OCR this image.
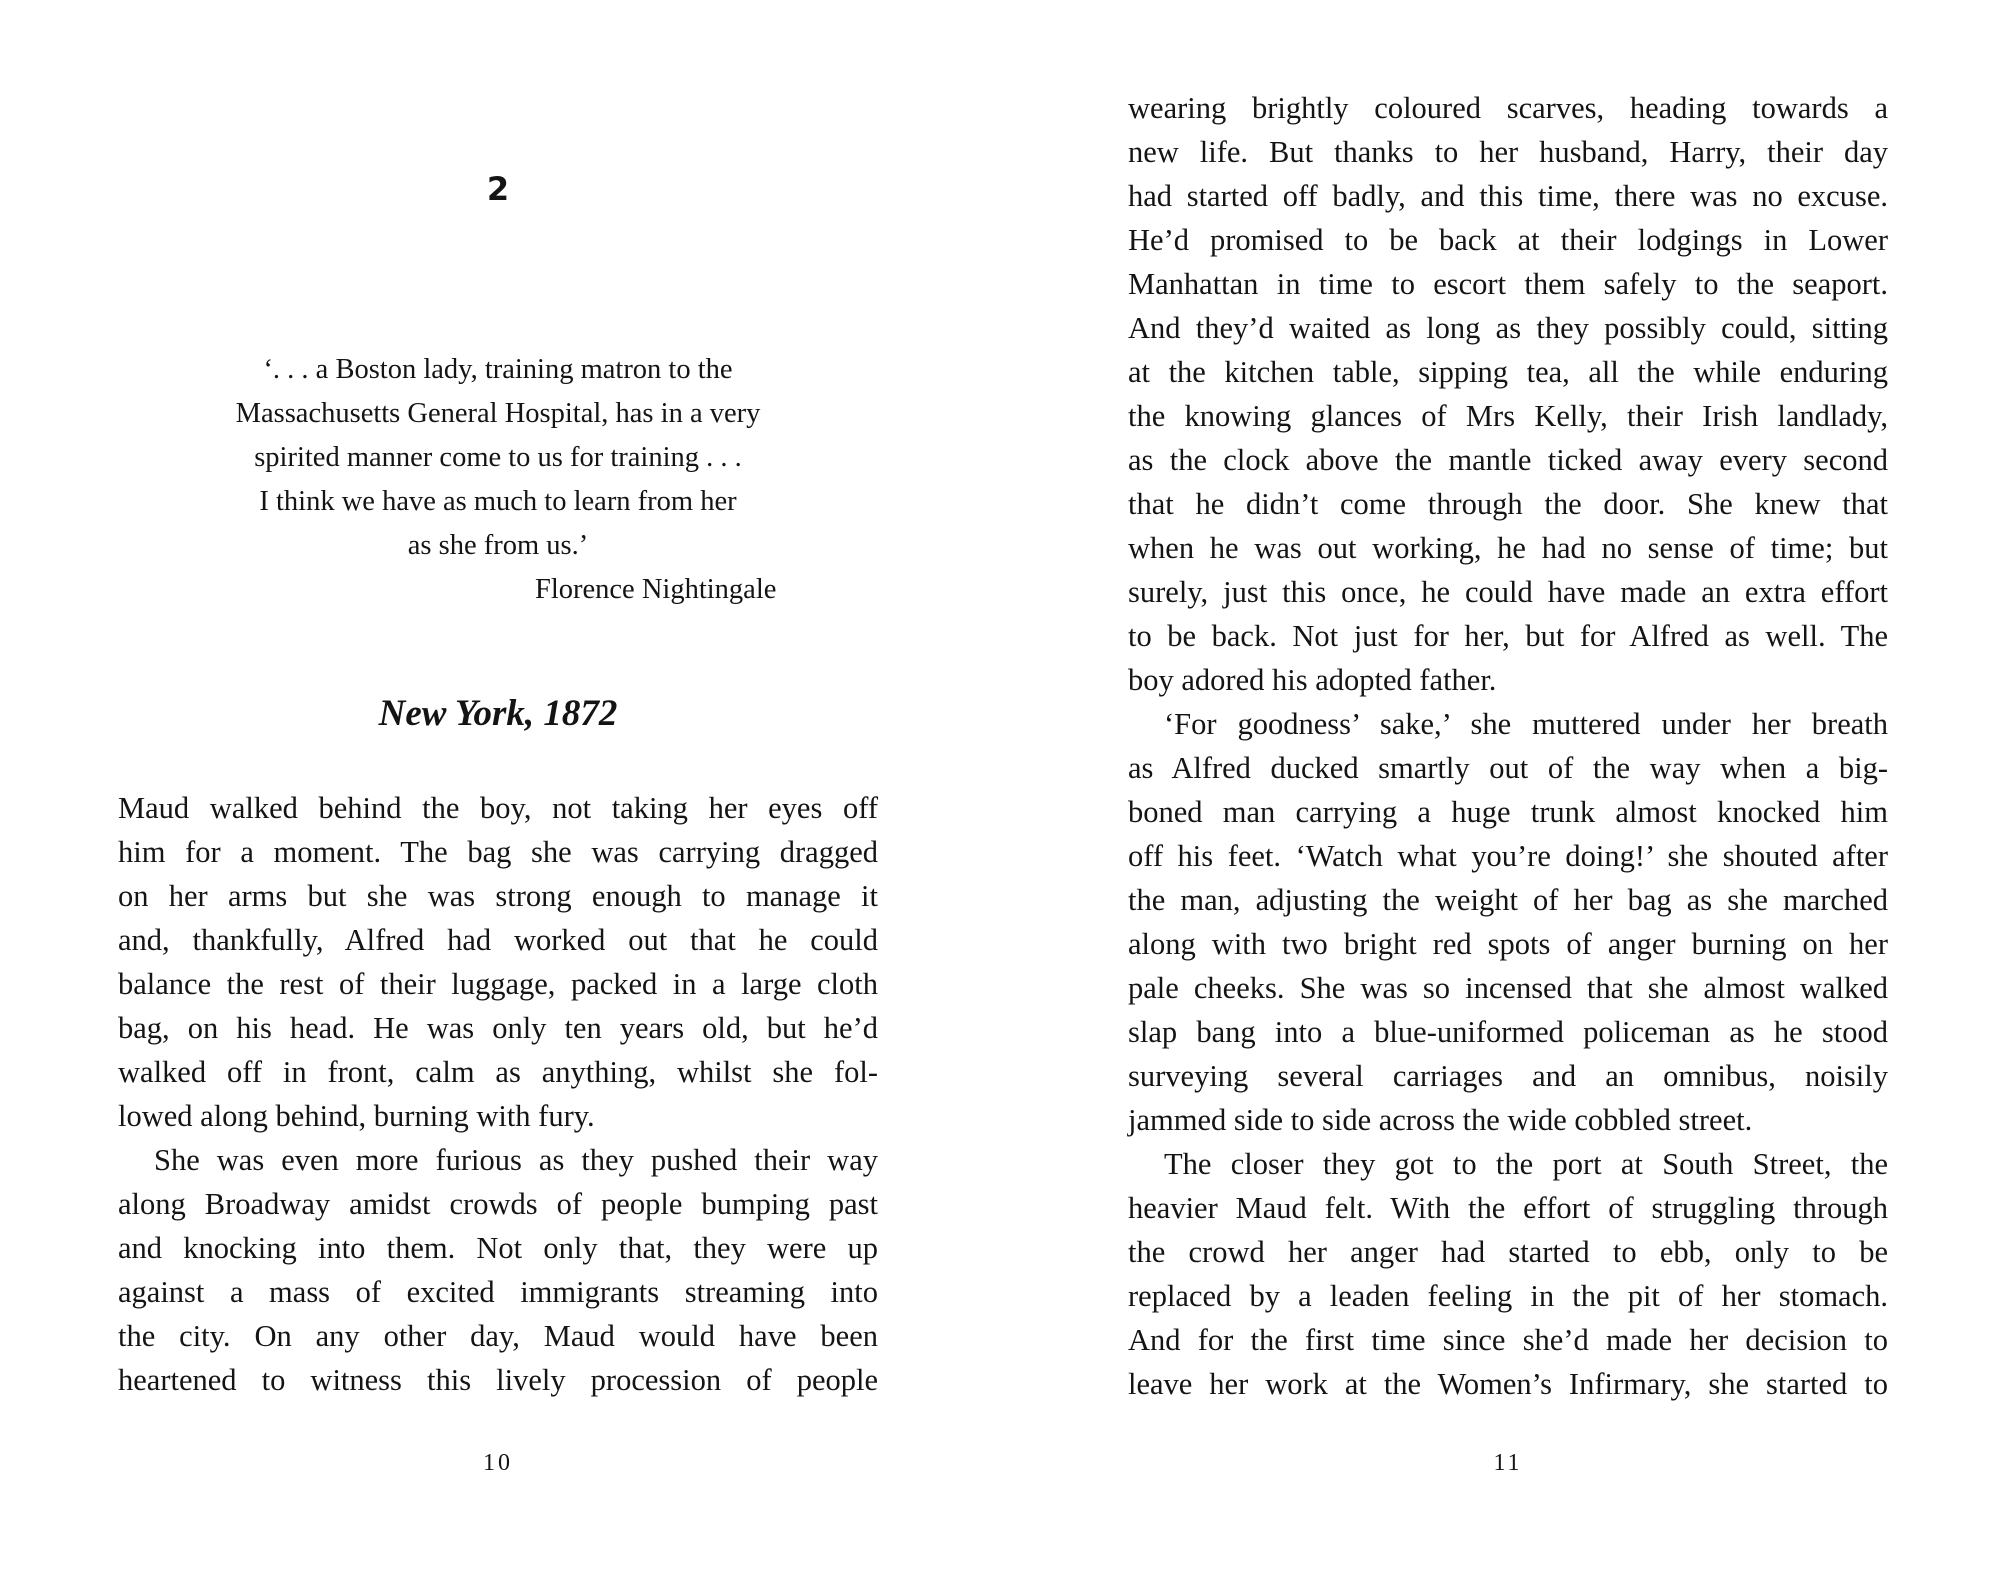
2
‘. . . a Boston lady, training matron to the
Massachusetts General Hospital, has in a very
spirited manner come to us for training . . .
I think we have as much to learn from her
as she from us.’
Florence Nightingale
New York, 1872
Maud walked behind the boy, not taking her eyes off
him for a moment. The bag she was carrying dragged
on her arms but she was strong enough to manage it
and, thankfully, Alfred had worked out that he could
balance the rest of their luggage, packed in a large cloth
bag, on his head. He was only ten years old, but he’d
walked off in front, calm as anything, whilst she fol-
lowed along behind, burning with fury.
She was even more furious as they pushed their way
along Broadway amidst crowds of people bumping past
and knocking into them. Not only that, they were up
against a mass of excited immigrants streaming into
the city. On any other day, Maud would have been
heartened to witness this lively procession of people
10
wearing brightly coloured scarves, heading towards a
new life. But thanks to her husband, Harry, their day
had started off badly, and this time, there was no excuse.
He’d promised to be back at their lodgings in Lower
Manhattan in time to escort them safely to the seaport.
And they’d waited as long as they possibly could, sitting
at the kitchen table, sipping tea, all the while enduring
the knowing glances of Mrs Kelly, their Irish landlady,
as the clock above the mantle ticked away every second
that he didn’t come through the door. She knew that
when he was out working, he had no sense of time; but
surely, just this once, he could have made an extra effort
to be back. Not just for her, but for Alfred as well. The
boy adored his adopted father.
‘For goodness’ sake,’ she muttered under her breath
as Alfred ducked smartly out of the way when a big-
boned man carrying a huge trunk almost knocked him
off his feet. ‘Watch what you’re doing!’ she shouted after
the man, adjusting the weight of her bag as she marched
along with two bright red spots of anger burning on her
pale cheeks. She was so incensed that she almost walked
slap bang into a blue-uniformed policeman as he stood
surveying several carriages and an omnibus, noisily
jammed side to side across the wide cobbled street.
The closer they got to the port at South Street, the
heavier Maud felt. With the effort of struggling through
the crowd her anger had started to ebb, only to be
replaced by a leaden feeling in the pit of her stomach.
And for the first time since she’d made her decision to
leave her work at the Women’s Infirmary, she started to
11
